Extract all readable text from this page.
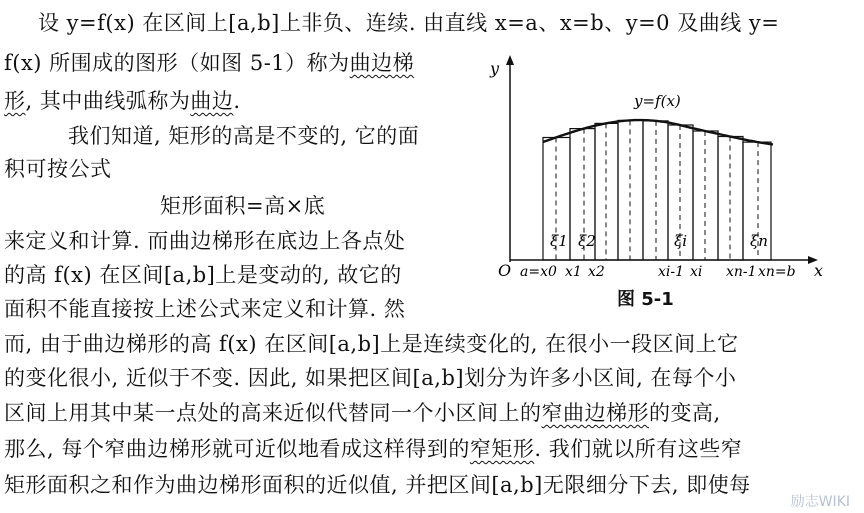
设 y=f(x) 在区间上[a,b]上非负、连续. 由直线 x=a、x=b、y=0 及曲线 y=
f(x) 所围成的图形（如图 5-1）称为曲边梯
形, 其中曲线弧称为曲边.
我们知道, 矩形的高是不变的, 它的面
积可按公式
矩形面积=高×底
来定义和计算. 而曲边梯形在底边上各点处
的高 f(x) 在区间[a,b]上是变动的, 故它的
面积不能直接按上述公式来定义和计算. 然
而, 由于曲边梯形的高 f(x) 在区间[a,b]上是连续变化的, 在很小一段区间上它
的变化很小, 近似于不变. 因此, 如果把区间[a,b]划分为许多小区间, 在每个小
区间上用其中某一点处的高来近似代替同一个小区间上的窄曲边梯形的变高,
那么, 每个窄曲边梯形就可近似地看成这样得到的窄矩形. 我们就以所有这些窄
矩形面积之和作为曲边梯形面积的近似值, 并把区间[a,b]无限细分下去, 即使每
y
x
O
y=f(x)
ξ1 ξ2	ξi	ξn
a=x0 x1 x2	xi-1 xi xn-1 xn=b
图 5-1
励志WIKI
